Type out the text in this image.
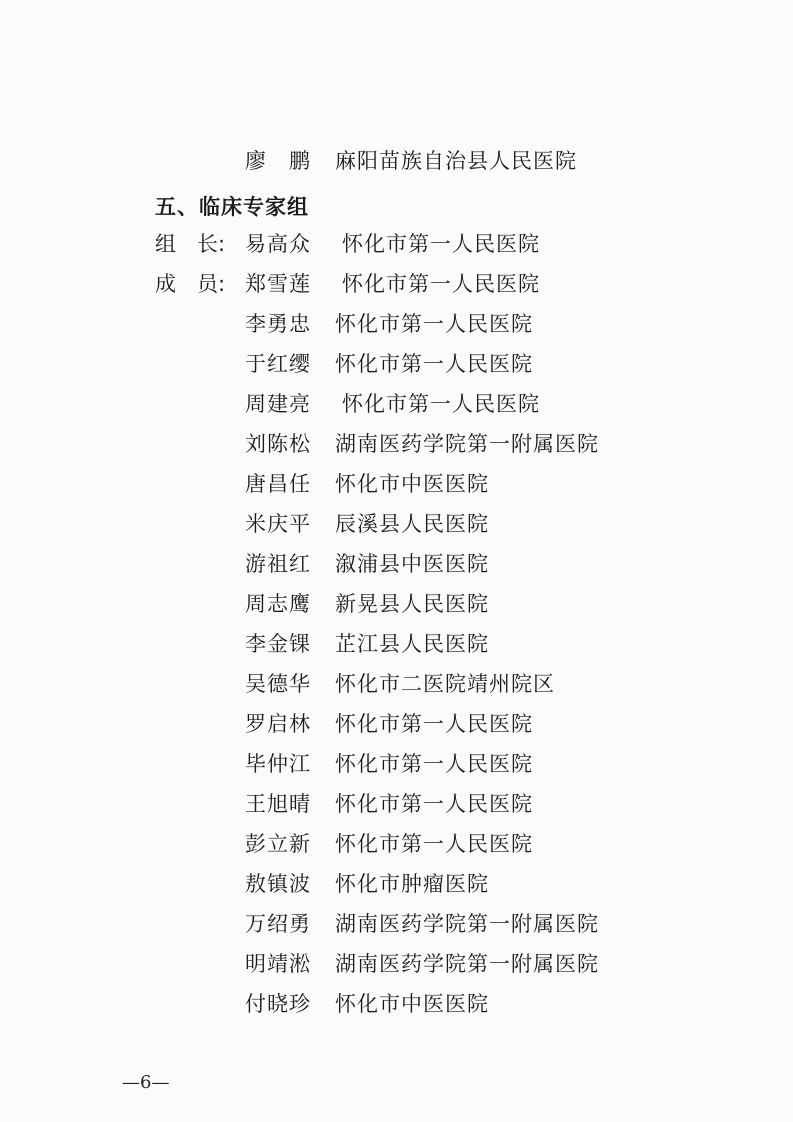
廖　鹏	麻阳苗族自治县人民医院
五、临床专家组
组　长: 易高众	怀化市第一人民医院
成　员: 郑雪莲	怀化市第一人民医院
李勇忠	怀化市第一人民医院
于红缨	怀化市第一人民医院
周建亮	怀化市第一人民医院
刘陈松	湖南医药学院第一附属医院
唐昌任	怀化市中医医院
米庆平	辰溪县人民医院
游祖红	溆浦县中医医院
周志鹰	新晃县人民医院
李金锞	芷江县人民医院
吴德华	怀化市二医院靖州院区
罗启林	怀化市第一人民医院
毕仲江	怀化市第一人民医院
王旭晴	怀化市第一人民医院
彭立新	怀化市第一人民医院
敖镇波	怀化市肿瘤医院
万绍勇	湖南医药学院第一附属医院
明靖淞	湖南医药学院第一附属医院
付晓珍	怀化市中医医院
—6—
